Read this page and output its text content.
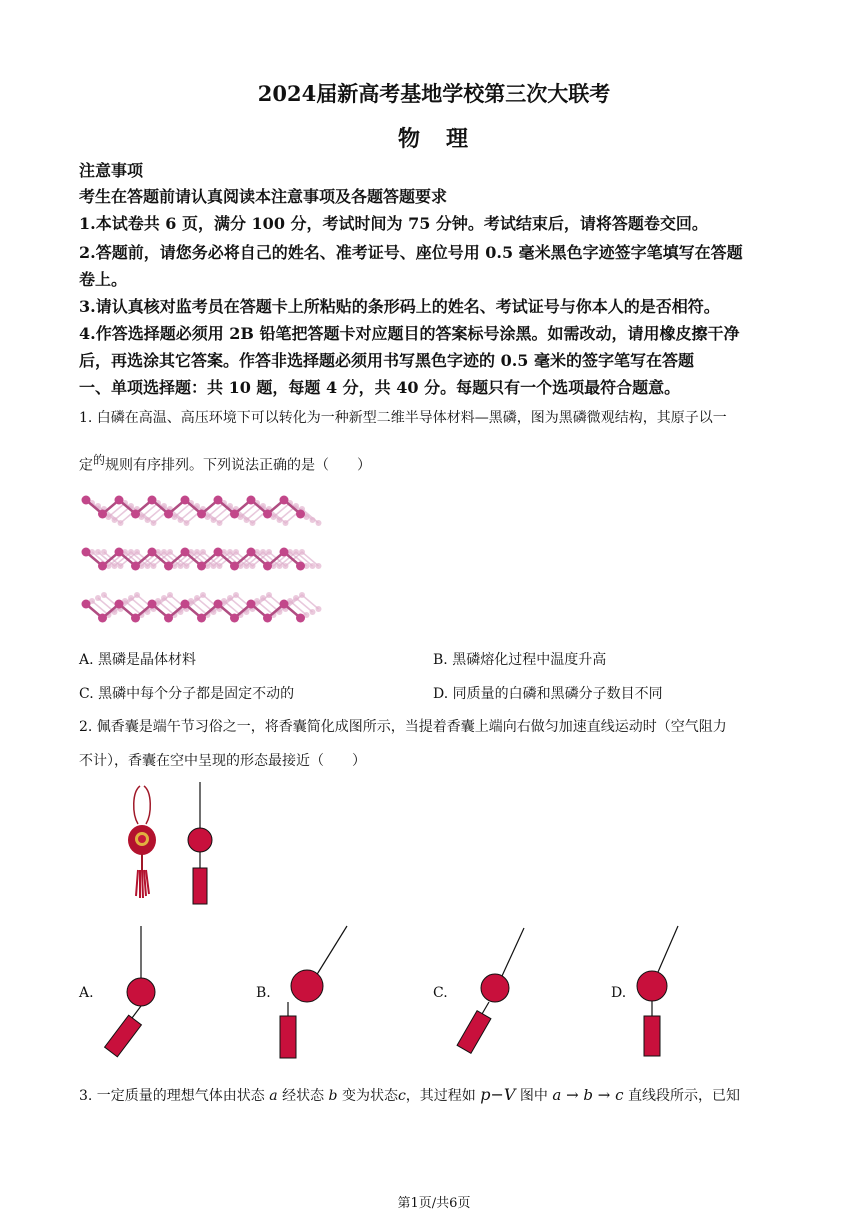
2024届新高考基地学校第三次大联考
物　理
注意事项
考生在答题前请认真阅读本注意事项及各题答题要求
1.本试卷共 6 页，满分 100 分，考试时间为 75 分钟。考试结束后，请将答题卷交回。
2.答题前，请您务必将自己的姓名、准考证号、座位号用 0.5 毫米黑色字迹签字笔填写在答题
卷上。
3.请认真核对监考员在答题卡上所粘贴的条形码上的姓名、考试证号与你本人的是否相符。
4.作答选择题必须用 2B 铅笔把答题卡对应题目的答案标号涂黑。如需改动，请用橡皮擦干净
后，再选涂其它答案。作答非选择题必须用书写黑色字迹的 0.5 毫米的签字笔写在答题
一、单项选择题：共 10 题，每题 4 分，共 40 分。每题只有一个选项最符合题意。
1. 白磷在高温、高压环境下可以转化为一种新型二维半导体材料—黑磷，图为黑磷微观结构，其原子以一
定$^的$规则有序排列。下列说法正确的是（　　）
A. 黑磷是晶体材料	B. 黑磷熔化过程中温度升高
C. 黑磷中每个分子都是固定不动的	D. 同质量的白磷和黑磷分子数目不同
2. 佩香囊是端午节习俗之一，将香囊简化成图所示，当提着香囊上端向右做匀加速直线运动时（空气阻力
不计），香囊在空中呈现的形态最接近（　　）
A.	B.	C.	D.
3. 一定质量的理想气体由状态 a 经状态 b 变为状态c，其过程如 p−V 图中 a → b → c 直线段所示，已知
第1页/共6页
